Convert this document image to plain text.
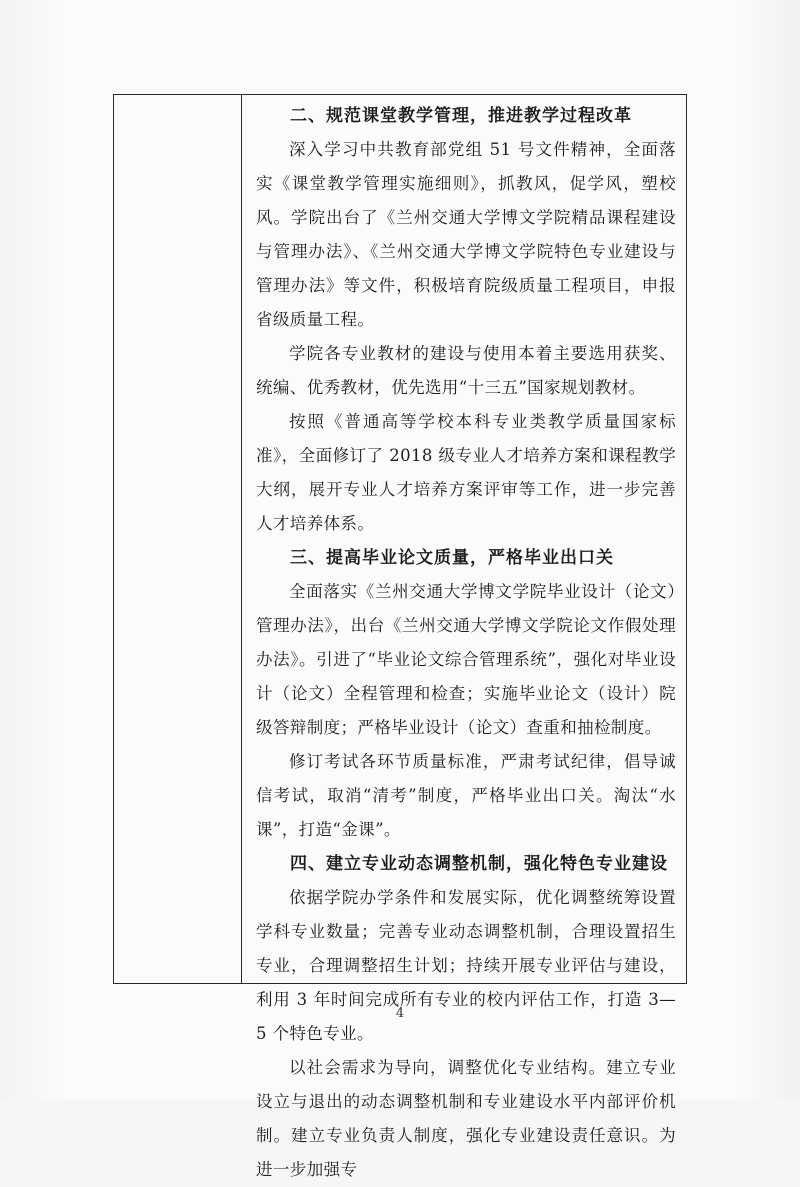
二、规范课堂教学管理，推进教学过程改革

深入学习中共教育部党组 51 号文件精神，全面落实《课堂教学管理实施细则》，抓教风，促学风，塑校风。学院出台了《兰州交通大学博文学院精品课程建设与管理办法》、《兰州交通大学博文学院特色专业建设与管理办法》等文件，积极培育院级质量工程项目，申报省级质量工程。

学院各专业教材的建设与使用本着主要选用获奖、统编、优秀教材，优先选用“十三五”国家规划教材。

按照《普通高等学校本科专业类教学质量国家标准》，全面修订了 2018 级专业人才培养方案和课程教学大纲，展开专业人才培养方案评审等工作，进一步完善人才培养体系。

三、提高毕业论文质量，严格毕业出口关

全面落实《兰州交通大学博文学院毕业设计（论文）管理办法》，出台《兰州交通大学博文学院论文作假处理办法》。引进了“毕业论文综合管理系统”，强化对毕业设计（论文）全程管理和检查；实施毕业论文（设计）院级答辩制度；严格毕业设计（论文）查重和抽检制度。

修订考试各环节质量标准，严肃考试纪律，倡导诚信考试，取消“清考”制度，严格毕业出口关。淘汰“水课”，打造“金课”。

四、建立专业动态调整机制，强化特色专业建设

依据学院办学条件和发展实际，优化调整统筹设置学科专业数量；完善专业动态调整机制，合理设置招生专业，合理调整招生计划；持续开展专业评估与建设，利用 3 年时间完成所有专业的校内评估工作，打造 3—5 个特色专业。

以社会需求为导向，调整优化专业结构。建立专业设立与退出的动态调整机制和专业建设水平内部评价机制。建立专业负责人制度，强化专业建设责任意识。为进一步加强专

4
